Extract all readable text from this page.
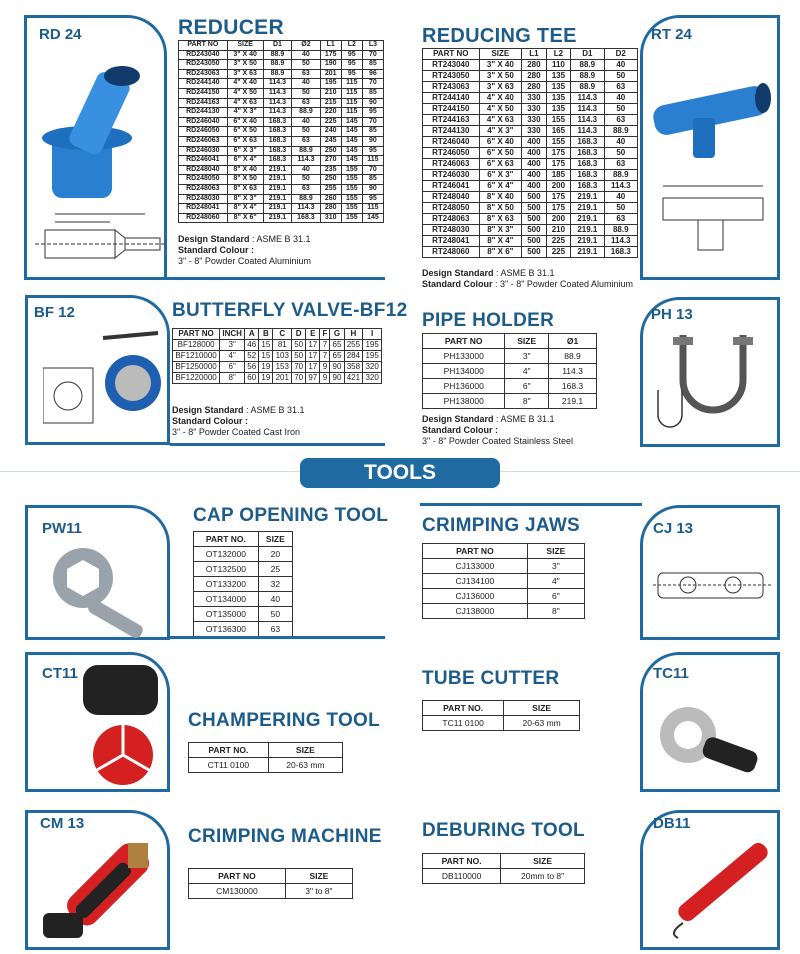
RD 24	REDUCER
PART NO	SIZE	D1	Ø2	L1	L2	L3
RD243040	3" X 40	88.9	40	175	95	70
RD243050	3" X 50	88.9	50	190	95	85
RD243063	3" X 63	88.9	63	201	95	96
RD244140	4" X 40	114.3	40	195	115	70
RD244150	4" X 50	114.3	50	210	115	85
RD244163	4" X 63	114.3	63	215	115	90
RD244130	4" X 3"	114.3	88.9	220	115	95
RD246040	6" X 40	168.3	40	225	145	70
RD246050	6" X 50	168.3	50	240	145	85
RD246063	6" X 63	168.3	63	245	145	90
RD246030	6" X 3"	168.3	88.9	250	145	95
RD246041	6" X 4"	168.3	114.3	270	145	115
RD248040	8" X 40	219.1	40	235	155	70
RD248050	8" X 50	219.1	50	250	155	85
RD248063	8" X 63	219.1	63	255	155	90
RD248030	8" X 3"	219.1	88.9	260	155	95
RD248041	8" X 4"	219.1	114.3	280	155	115
RD248060	8" X 6"	219.1	168.3	310	155	145
Design Standard : ASME B 31.1
Standard Colour :
3" - 8" Powder Coated Aluminium
REDUCING TEE
PART NO	SIZE	L1	L2	D1	D2
RT243040	3" X 40	280	110	88.9	40
RT243050	3" X 50	280	135	88.9	50
RT243063	3" X 63	280	135	88.9	63
RT244140	4" X 40	330	135	114.3	40
RT244150	4" X 50	330	135	114.3	50
RT244163	4" X 63	330	155	114.3	63
RT244130	4" X 3"	330	165	114.3	88.9
RT246040	6" X 40	400	155	168.3	40
RT246050	6" X 50	400	175	168.3	50
RT246063	6" X 63	400	175	168.3	63
RT246030	6" X 3"	400	185	168.3	88.9
RT246041	6" X 4"	400	200	168.3	114.3
RT248040	8" X 40	500	175	219.1	40
RT248050	8" X 50	500	175	219.1	50
RT248063	8" X 63	500	200	219.1	63
RT248030	8" X 3"	500	210	219.1	88.9
RT248041	8" X 4"	500	225	219.1	114.3
RT248060	8" X 6"	500	225	219.1	168.3
Design Standard : ASME B 31.1
Standard Colour : 3" - 8" Powder Coated Aluminium
RT 24
BF 12	BUTTERFLY VALVE-BF12
PART NO	INCH	A	B	C	D	E	F	G	H	I
BF128000	3"	46	15	81	50	17	7	65	255	195
BF1210000	4"	52	15	103	50	17	7	65	284	195
BF1250000	6"	56	19	153	70	17	9	90	358	320
BF1220000	8"	60	19	201	70	97	9	90	421	320
Design Standard : ASME B 31.1
Standard Colour :
3" - 8" Powder Coated Cast Iron
PIPE HOLDER
PART NO	SIZE	Ø1
PH133000	3"	88.9
PH134000	4"	114.3
PH136000	6"	168.3
PH138000	8"	219.1
Design Standard : ASME B 31.1
Standard Colour :
3" - 8" Powder Coated Stainless Steel
PH 13
TOOLS
PW11
CAP OPENING TOOL
PART NO.	SIZE
OT132000	20
OT132500	25
OT133200	32
OT134000	40
OT135000	50
OT136300	63
CRIMPING JAWS
PART NO	SIZE
CJ133000	3"
CJ134100	4"
CJ136000	6"
CJ138000	8"
CJ 13
CT11
CHAMPERING TOOL
PART NO.	SIZE
CT11 0100	20-63 mm
TUBE CUTTER
PART NO.	SIZE
TC11 0100	20-63 mm
TC11
CM 13
CRIMPING MACHINE
PART NO	SIZE
CM130000	3" to 8"
DEBURING TOOL
PART NO.	SIZE
DB110000	20mm to 8"
DB11
